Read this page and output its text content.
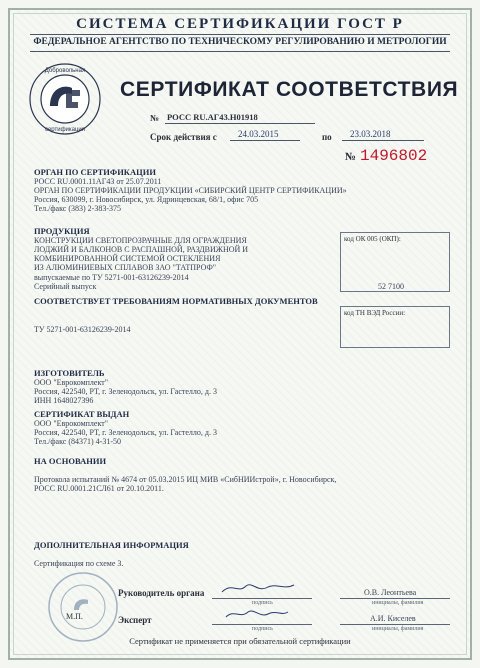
СИСТЕМА СЕРТИФИКАЦИИ ГОСТ Р
ФЕДЕРАЛЬНОЕ АГЕНТСТВО ПО ТЕХНИЧЕСКОМУ РЕГУЛИРОВАНИЮ И МЕТРОЛОГИИ
Добровольная
сертификация
СЕРТИФИКАТ СООТВЕТСТВИЯ
№ РОСС RU.АГ43.Н01918
Срок действия с 24.03.2015	по 23.03.2018
№ 1496802
ОРГАН ПО СЕРТИФИКАЦИИ
РОСС RU.0001.11АГ43 от 25.07.2011
ОРГАН ПО СЕРТИФИКАЦИИ ПРОДУКЦИИ «СИБИРСКИЙ ЦЕНТР СЕРТИФИКАЦИИ»
Россия, 630099, г. Новосибирск, ул. Ядринцевская, 68/1, офис 705
Тел./факс (383) 2-383-375
ПРОДУКЦИЯ
КОНСТРУКЦИИ СВЕТОПРОЗРАЧНЫЕ ДЛЯ ОГРАЖДЕНИЯ
ЛОДЖИЙ И БАЛКОНОВ С РАСПАШНОЙ, РАЗДВИЖНОЙ И
КОМБИНИРОВАННОЙ СИСТЕМОЙ ОСТЕКЛЕНИЯ
ИЗ АЛЮМИНИЕВЫХ СПЛАВОВ ЗАО "ТАТПРОФ"
выпускаемые по ТУ 5271-001-63126239-2014
Серийный выпуск
код ОК 005 (ОКП):
52 7100
СООТВЕТСТВУЕТ ТРЕБОВАНИЯМ НОРМАТИВНЫХ ДОКУМЕНТОВ
ТУ 5271-001-63126239-2014
код ТН ВЭД России:
ИЗГОТОВИТЕЛЬ
ООО "Еврокомплект"
Россия, 422540, РТ, г. Зеленодольск, ул. Гастелло, д. 3
ИНН 1648027396
СЕРТИФИКАТ ВЫДАН
ООО "Еврокомплект"
Россия, 422540, РТ, г. Зеленодольск, ул. Гастелло, д. 3
Тел./факс (84371) 4-31-50
НА ОСНОВАНИИ
Протокола испытаний № 4674 от 05.03.2015 ИЦ МИВ «СибНИИстрой», г. Новосибирск,
РОСС RU.0001.21СЛ61 от 20.10.2011.
ДОПОЛНИТЕЛЬНАЯ ИНФОРМАЦИЯ
Сертификация по схеме 3.
М.П.
Руководитель органа
подпись
О.В. Леонтьева
инициалы, фамилия
Эксперт
подпись
А.И. Киселев
инициалы, фамилия
Сертификат не применяется при обязательной сертификации
